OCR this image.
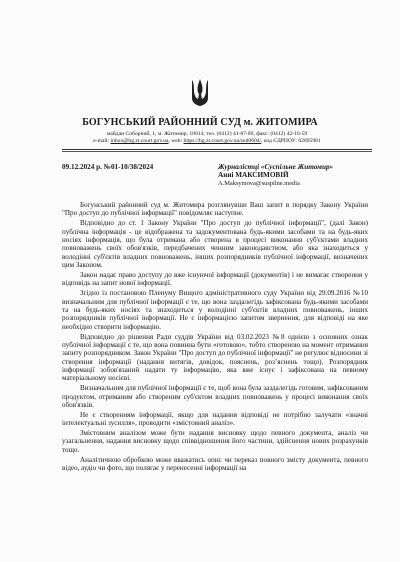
БОГУНСЬКИЙ РАЙОННИЙ СУД м. ЖИТОМИРА
майдан Соборний, 1, м. Житомир, 10014, тел. (0412) 41-87-89, факс: (0412) 42-16-59
e-mail: inbox@bg.zt.court.gov.ua, web: https://bg.zt.court.gov.ua/sud0604/, код ЄДРПОУ: 02895981
09.12.2024 р. №01-10/38/2024	Журналістці «Суспільне Житомир»
Анні МАКСИМОВІЙ
A.Maksymova@suspilne.media

Богунський районний суд м. Житомира розглянувши Ваш запит в порядку Закону України "Про доступ до публічної інформації" повідомляє наступне.

Відповідно до ст. 1 Закону України "Про доступ до публічної інформації", (далі Закон) публічна інформація - це відображена та задокументована будь-якими засобами та на будь-яких носіях інформація, що була отримана або створена в процесі виконання суб'єктами владних повноважень своїх обов'язків, передбачених чинним законодавством, або яка знаходиться у володінні суб'єктів владних повноважень, інших розпорядників публічної інформації, визначених цим Законом.

Закон надає право доступу до вже існуючої інформації (документів) і не вимагає створення у відповідь на запит нової інформації.

Згідно із постановою Пленуму Вищого адміністративного суду України від 29.09.2016 №10 визначальним для публічної інформації є те, що вона заздалегідь зафіксована будь-якими засобами та на будь-яких носіях та знаходиться у володінні суб'єктів владних повноважень, інших розпорядників публічної інформації. Не є інформацією запитом звернення, для відповіді на яке необхідно створити інформацію.

Відповідно до рішення Ради суддів України від 03.02.2023 №8 однією з основних ознак публічної інформації є те, що вона повинна бути «готовою», тобто створеною на момент отримання запиту розпорядником. Закон України "Про доступ до публічної інформації" не регулює відносини зі створення інформації (надання витягів, довідок, пояснень, розʼяснень тощо). Розпорядник інформації зобов'язаний надати ту інформацію, яка вже існує і зафіксована на певному матеріальному носієві.

Визначальним для публічної інформації є те, щоб вона була заздалегідь готовим, зафіксованим продуктом, отриманим або створеним суб'єктом владних повноважень у процесі виконання своїх обов'язків.

Не є створенням інформації, якщо для надання відповіді не потрібно залучати «значні інтелектуальні зусилля», проводити «змістовний аналіз».

Змістовним аналізом може бути надання висновку щодо певного документа, аналіз чи узагальнення, надання висновку щодо співвідношення його частини, здійснення нових розрахунків тощо.

Аналітичною обробкою може вважатись опис чи переказ повного змісту документа, певного відео, аудіо чи фото, що полягає у перенесенні інформації на
